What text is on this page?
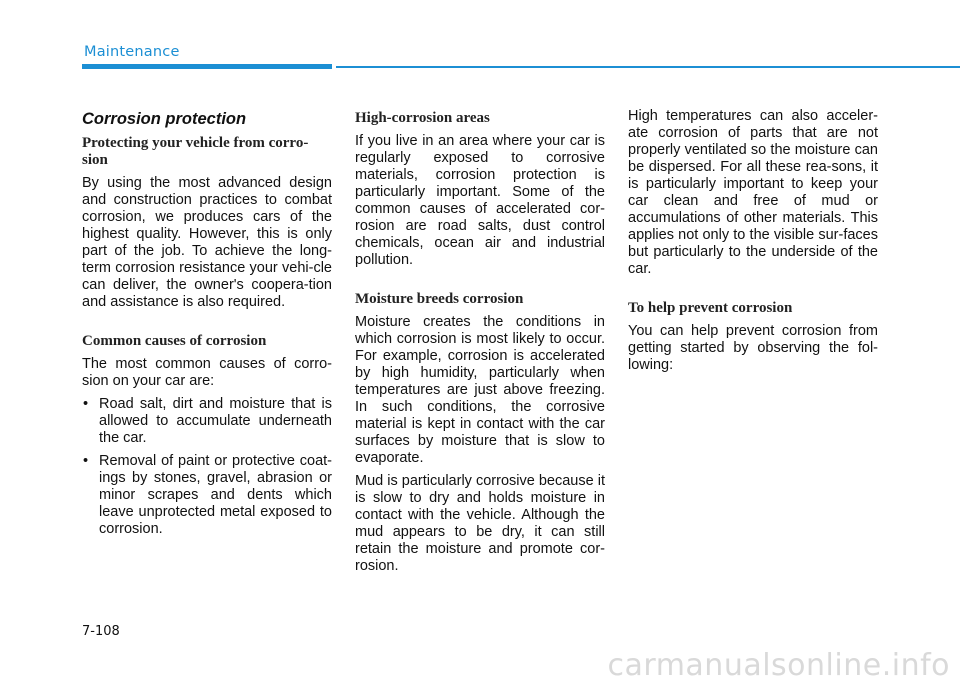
Maintenance
Corrosion protection
Protecting your vehicle from corro-sion

By using the most advanced design and construction practices to combat corrosion, we produces cars of the highest quality. However, this is only part of the job. To achieve the long-term corrosion resistance your vehi-cle can deliver, the owner's coopera-tion and assistance is also required.

Common causes of corrosion

The most common causes of corro-sion on your car are:

• Road salt, dirt and moisture that is allowed to accumulate underneath the car.
• Removal of paint or protective coat-ings by stones, gravel, abrasion or minor scrapes and dents which leave unprotected metal exposed to corrosion.
High-corrosion areas

If you live in an area where your car is regularly exposed to corrosive materials, corrosion protection is particularly important. Some of the common causes of accelerated cor-rosion are road salts, dust control chemicals, ocean air and industrial pollution.

Moisture breeds corrosion

Moisture creates the conditions in which corrosion is most likely to occur. For example, corrosion is accelerated by high humidity, particularly when temperatures are just above freezing. In such conditions, the corrosive material is kept in contact with the car surfaces by moisture that is slow to evaporate.

Mud is particularly corrosive because it is slow to dry and holds moisture in contact with the vehicle. Although the mud appears to be dry, it can still retain the moisture and promote cor-rosion.

High temperatures can also acceler-ate corrosion of parts that are not properly ventilated so the moisture can be dispersed. For all these rea-sons, it is particularly important to keep your car clean and free of mud or accumulations of other materials. This applies not only to the visible sur-faces but particularly to the underside of the car.

To help prevent corrosion

You can help prevent corrosion from getting started by observing the fol-lowing:

7-108
carmanualsonline.info
